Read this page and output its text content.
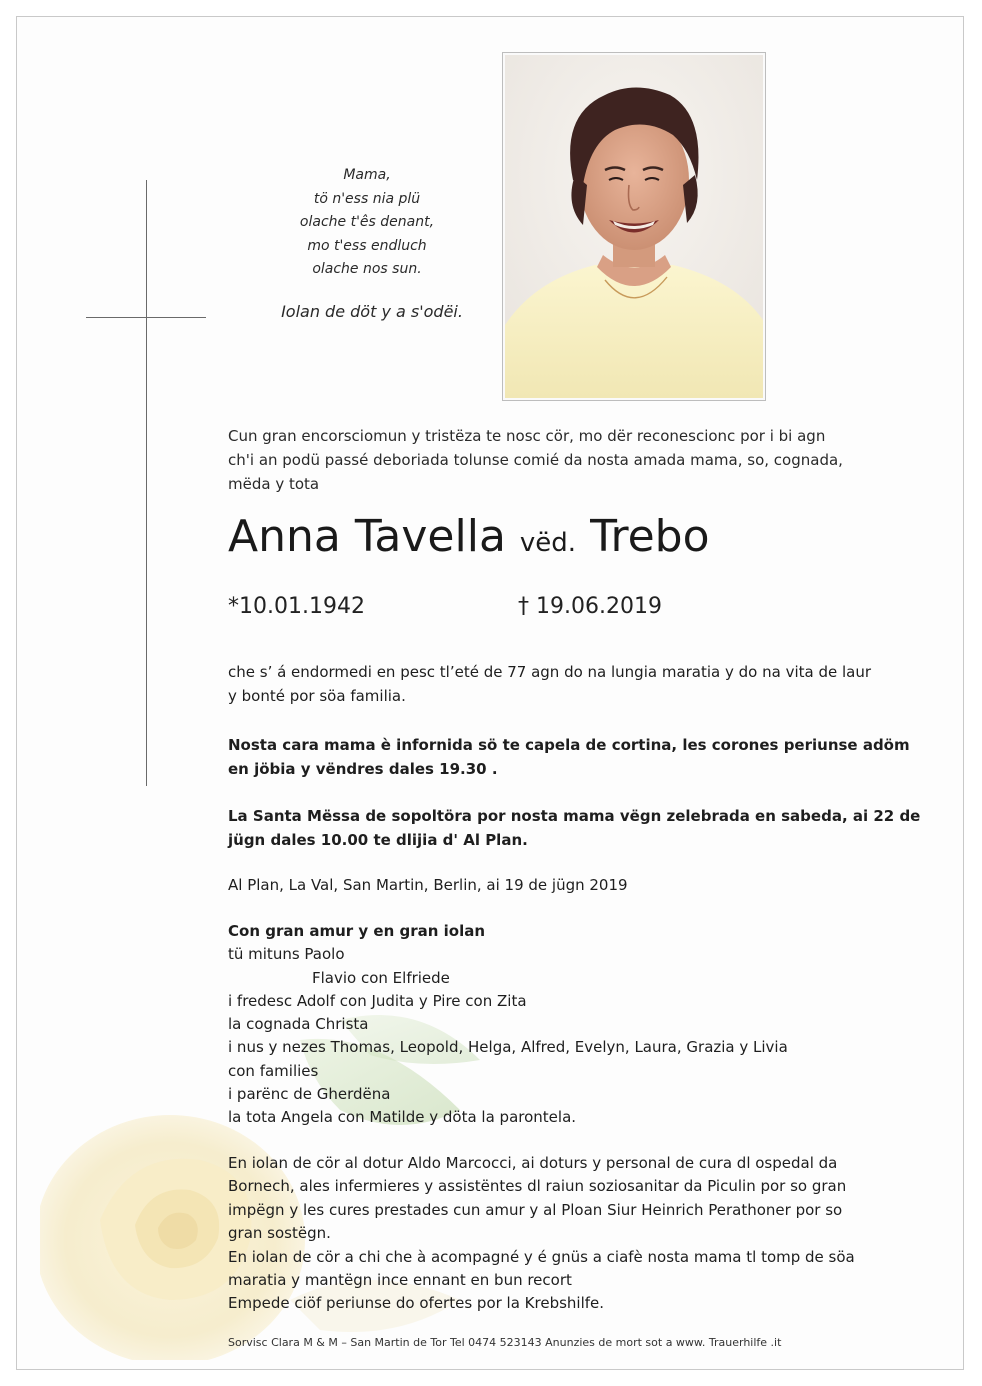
Mama,
tö n'ess nia plü
olache t'ês denant,
mo t'ess endluch
olache nos sun.
Iolan de döt y a s'odëi.
Cun gran encorsciomun y tristëza te nosc cör, mo dër reconescionc por i bi agn
ch'i an podü passé deboriada tolunse comié da nosta amada mama, so, cognada,
mëda y tota
Anna Tavella vëd. Trebo
*10.01.1942	† 19.06.2019
che s’ á endormedi en pesc tl’eté de 77 agn do na lungia maratia y do na vita de laur
y bonté por söa familia.
Nosta cara mama è infornida sö te capela de cortina, les corones periunse adöm
en jöbia y vëndres dales 19.30 .
La Santa Mëssa de sopoltöra por nosta mama vëgn zelebrada en sabeda, ai 22 de
jügn dales 10.00 te dlijia d' Al Plan.
Al Plan, La Val, San Martin, Berlin, ai 19 de jügn 2019
Con gran amur y en gran iolan
tü mituns Paolo
Flavio con Elfriede
i fredesc Adolf con Judita y Pire con Zita
la cognada Christa
i nus y nezes Thomas, Leopold, Helga, Alfred, Evelyn, Laura, Grazia y Livia
con families
i parënc de Gherdëna
la tota Angela con Matilde y döta la parontela.
En iolan de cör al dotur Aldo Marcocci, ai doturs y personal de cura dl ospedal da
Bornech, ales infermieres y assistëntes dl raiun soziosanitar da Piculin por so gran
impëgn y les cures prestades cun amur y al Ploan Siur Heinrich Perathoner por so
gran sostëgn.
En iolan de cör a chi che à acompagné y é gnüs a ciafè nosta mama tl tomp de söa
maratia y mantëgn ince ennant en bun recort
Empede ciöf periunse do ofertes por la Krebshilfe.
Sorvisc Clara M & M – San Martin de Tor Tel 0474 523143 Anunzies de mort sot a www. Trauerhilfe .it
